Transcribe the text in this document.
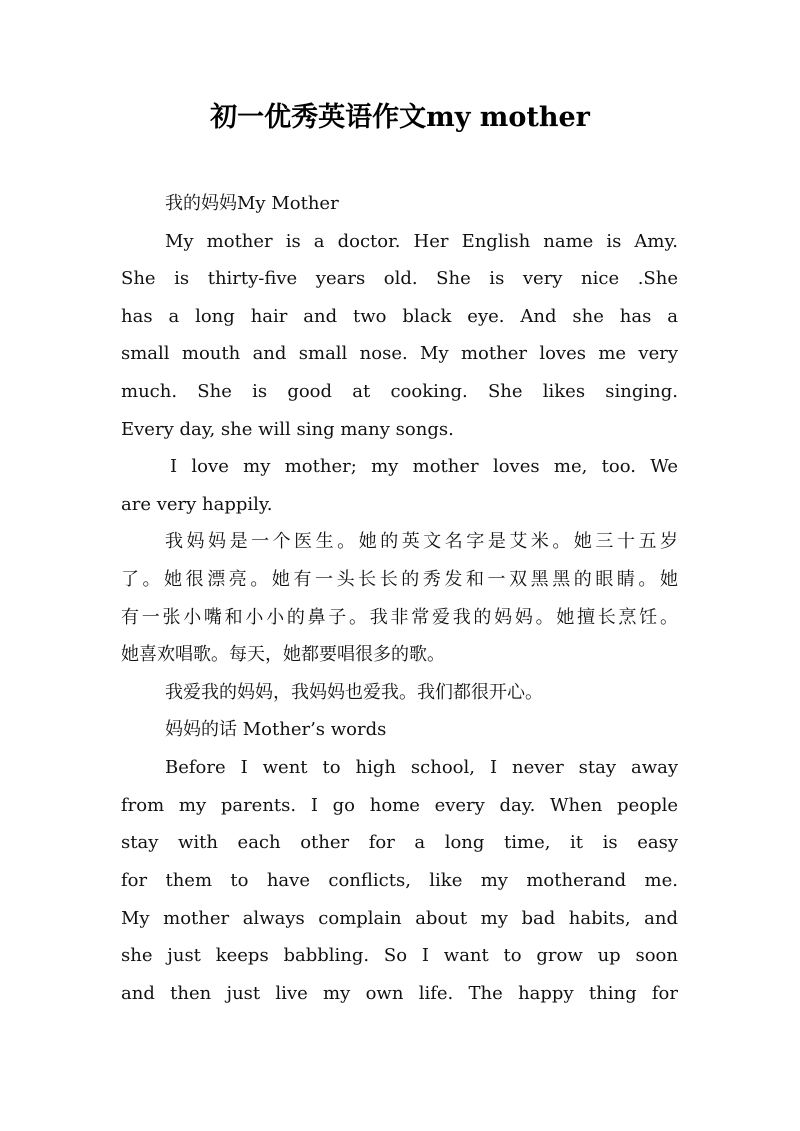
初一优秀英语作文my mother
我的妈妈My Mother
My mother is a doctor. Her English name is Amy.
She is thirty-five years old. She is very nice .She
has a long hair and two black eye. And she has a
small mouth and small nose. My mother loves me very
much. She is good at cooking. She likes singing.
Every day, she will sing many songs.
I love my mother; my mother loves me, too. We
are very happily.
我妈妈是一个医生。她的英文名字是艾米。她三十五岁
了。她很漂亮。她有一头长长的秀发和一双黑黑的眼睛。她
有一张小嘴和小小的鼻子。我非常爱我的妈妈。她擅长烹饪。
她喜欢唱歌。每天，她都要唱很多的歌。
我爱我的妈妈，我妈妈也爱我。我们都很开心。
妈妈的话 Mother’s words
Before I went to high school, I never stay away
from my parents. I go home every day. When people
stay with each other for a long time, it is easy
for them to have conflicts, like my motherand me.
My mother always complain about my bad habits, and
she just keeps babbling. So I want to grow up soon
and then just live my own life. The happy thing for
